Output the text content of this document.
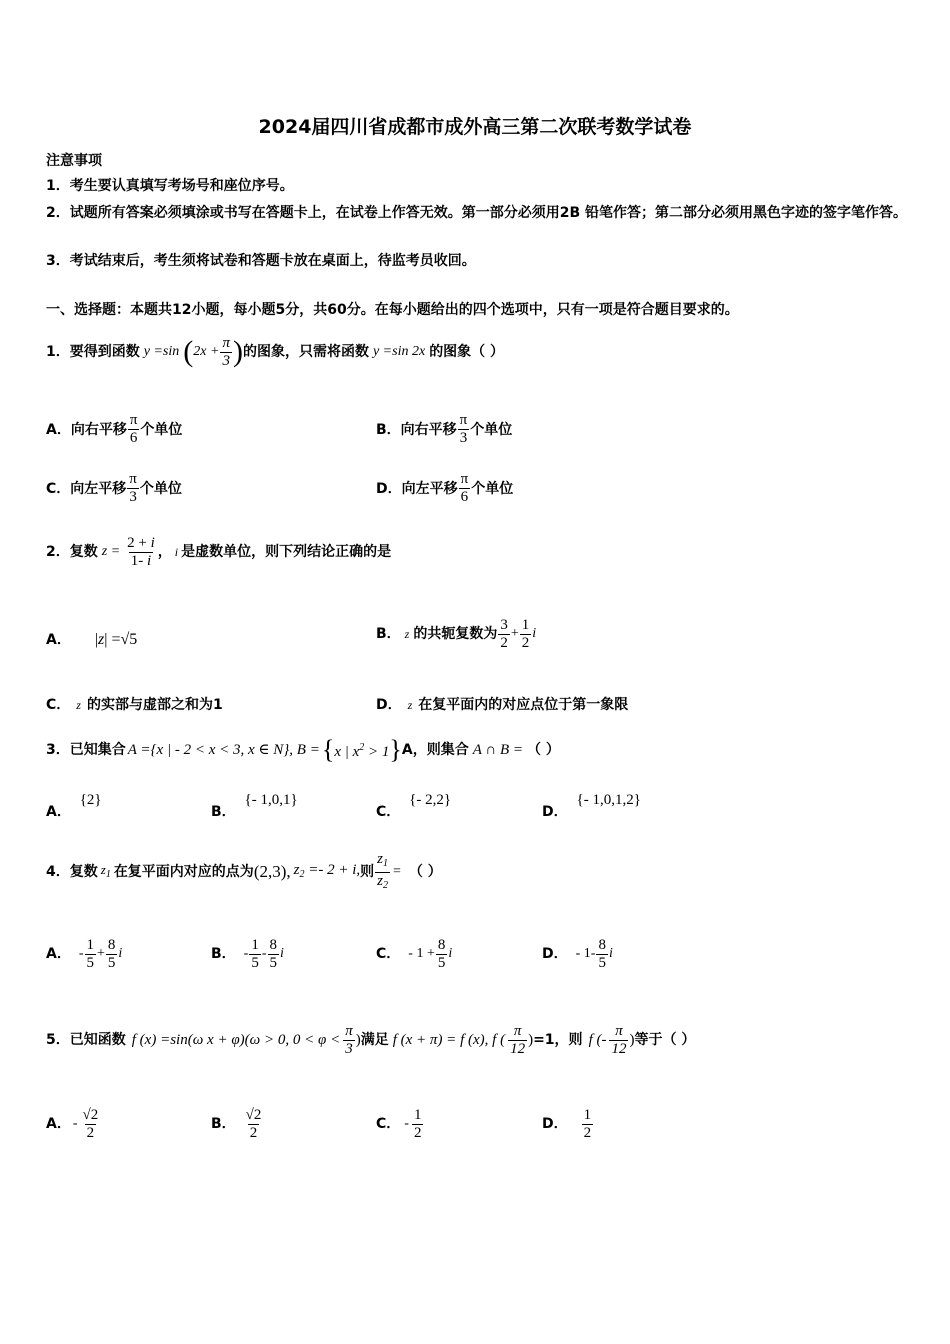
2024届四川省成都市成外高三第二次联考数学试卷
注意事项
1．考生要认真填写考场号和座位序号。
2．试题所有答案必须填涂或书写在答题卡上，在试卷上作答无效。第一部分必须用2B 铅笔作答；第二部分必须用黑色字迹的签字笔作答。
3．考试结束后，考生须将试卷和答题卡放在桌面上，待监考员收回。
一、选择题：本题共12小题，每小题5分，共60分。在每小题给出的四个选项中，只有一项是符合题目要求的。
1．要得到函数 y =sin ( $2x + \frac{\pi}{3}$ ) 的图象，只需将函数 y =sin 2x 的图象（ ）
A．向右平移 $\frac{\pi}{6}$ 个单位	B．向右平移 $\frac{\pi}{3}$ 个单位
C．向左平移 $\frac{\pi}{3}$ 个单位	D．向左平移 $\frac{\pi}{6}$ 个单位
2．复数 $z = \frac{2 + i}{1- i}$ ， i 是虚数单位，则下列结论正确的是
A． |z| =√5	B． z 的共轭复数为 $\frac{3}{2} + \frac{1}{2}$ i
C． z 的实部与虚部之和为1	D． z 在复平面内的对应点位于第一象限
3．已知集合 A ={x | - 2 < x < 3, x ∈ N}, B = { x | $x^2 > 1$ } A，则集合 A ∩ B = （ ）
A． {2}
B． {- 1,0,1}
C． {- 2,2}
D． {- 1,0,1,2}
4．复数 $z_1$ 在复平面内对应的点为 (2,3), $z_2 =- 2 + i$, 则 $\frac{z_1}{z_2}$ = （ ）
A． - $\frac{1}{5} + \frac{8}{5}$ i	B． - $\frac{1}{5} - \frac{8}{5}$ i	C． - $1 + \frac{8}{5}$ i	D． - $1- \frac{8}{5}$ i
5．已知函数 f (x) =sin(ω x + φ)(ω > 0, $0 < \varphi < \frac{\pi}{3}$ ) 满足 f (x + π) = f (x), f ( $\frac{\pi}{12}$ ) =1，则 f (- $\frac{\pi}{12}$ ) 等于（ ）
A． - $\frac{√2}{2}$	B． $\frac{√2}{2}$	C． - $\frac{1}{2}$	D． $\frac{1}{2}$
